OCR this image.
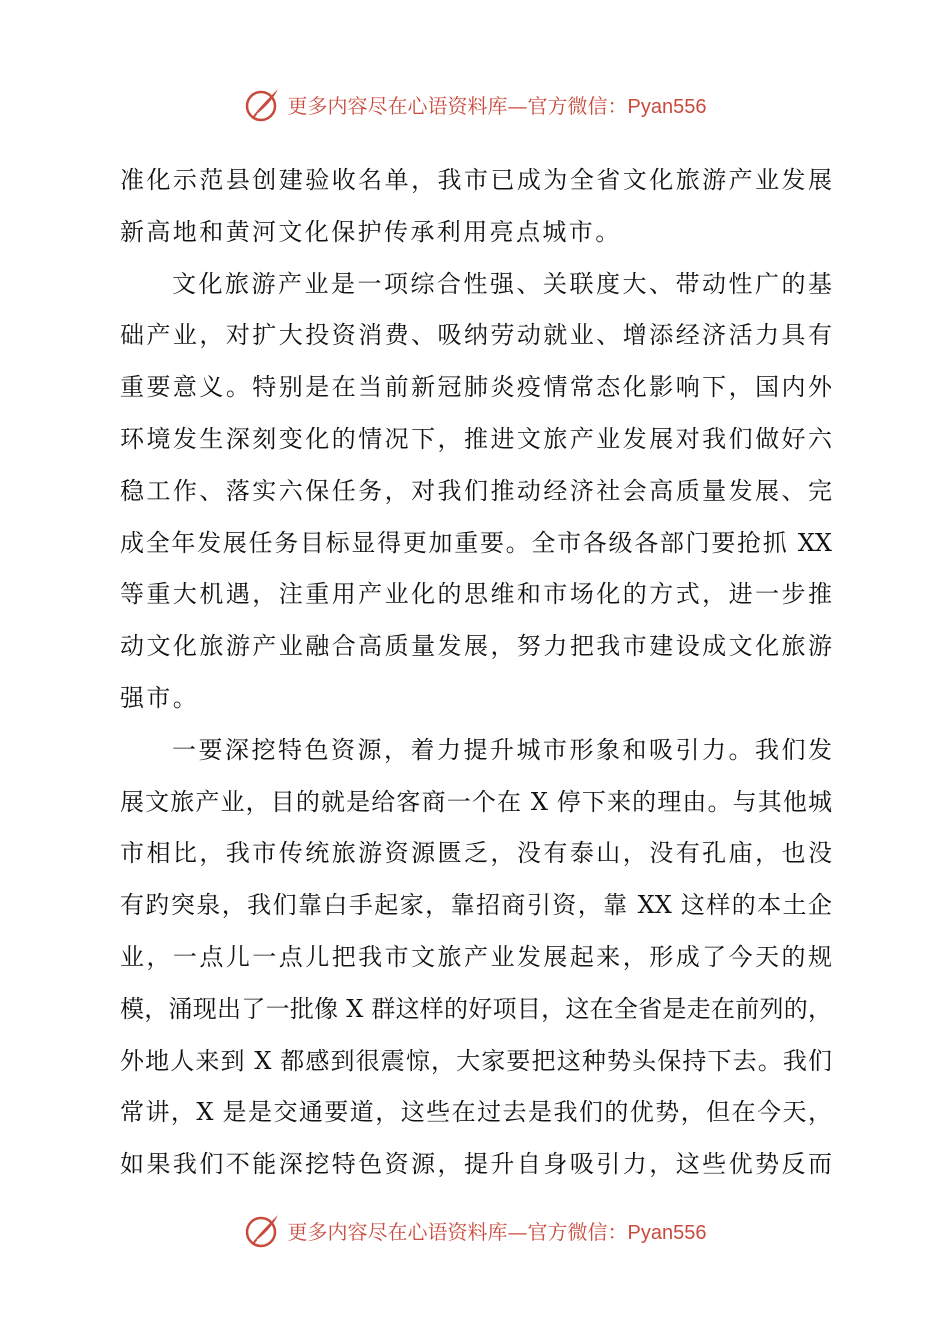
更多内容尽在心语资料库—官方微信：Pyan556
准化示范县创建验收名单，我市已成为全省文化旅游产业发展
新高地和黄河文化保护传承利用亮点城市。
文化旅游产业是一项综合性强、关联度大、带动性广的基
础产业，对扩大投资消费、吸纳劳动就业、增添经济活力具有
重要意义。特别是在当前新冠肺炎疫情常态化影响下，国内外
环境发生深刻变化的情况下，推进文旅产业发展对我们做好六
稳工作、落实六保任务，对我们推动经济社会高质量发展、完
成全年发展任务目标显得更加重要。全市各级各部门要抢抓 XX
等重大机遇，注重用产业化的思维和市场化的方式，进一步推
动文化旅游产业融合高质量发展，努力把我市建设成文化旅游
强市。
一要深挖特色资源，着力提升城市形象和吸引力。我们发
展文旅产业，目的就是给客商一个在 X 停下来的理由。与其他城
市相比，我市传统旅游资源匮乏，没有泰山，没有孔庙，也没
有趵突泉，我们靠白手起家，靠招商引资，靠 XX 这样的本土企
业，一点儿一点儿把我市文旅产业发展起来，形成了今天的规
模，涌现出了一批像 X 群这样的好项目，这在全省是走在前列的，
外地人来到 X 都感到很震惊，大家要把这种势头保持下去。我们
常讲，X 是是交通要道，这些在过去是我们的优势，但在今天，
如果我们不能深挖特色资源，提升自身吸引力，这些优势反而
更多内容尽在心语资料库—官方微信：Pyan556
